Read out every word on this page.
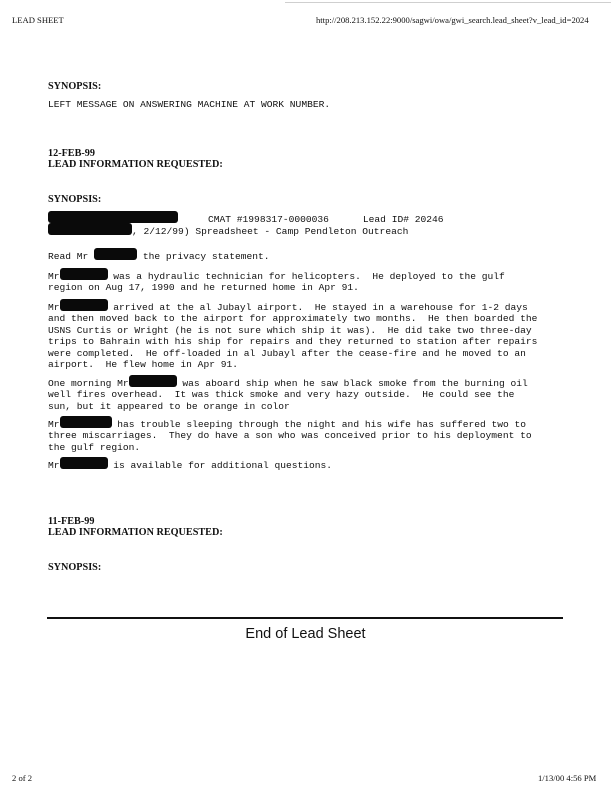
LEAD SHEET	http://208.213.152.22:9000/sagwi/owa/gwi_search.lead_sheet?v_lead_id=2024
SYNOPSIS:
LEFT MESSAGE ON ANSWERING MACHINE AT WORK NUMBER.
12-FEB-99
LEAD INFORMATION REQUESTED:
SYNOPSIS:
CMAT #1998317-0000036	Lead ID# 20246
, 2/12/99) Spreadsheet - Camp Pendleton Outreach
Read Mr	the privacy statement.
Mr	was a hydraulic technician for helicopters.  He deployed to the gulf
region on Aug 17, 1990 and he returned home in Apr 91.
Mr	arrived at the al Jubayl airport.  He stayed in a warehouse for 1-2 days
and then moved back to the airport for approximately two months.  He then boarded the
USNS Curtis or Wright (he is not sure which ship it was).  He did take two three-day
trips to Bahrain with his ship for repairs and they returned to station after repairs
were completed.  He off-loaded in al Jubayl after the cease-fire and he moved to an
airport.  He flew home in Apr 91.
One morning Mr	was aboard ship when he saw black smoke from the burning oil
well fires overhead.  It was thick smoke and very hazy outside.  He could see the
sun, but it appeared to be orange in color
Mr	has trouble sleeping through the night and his wife has suffered two to
three miscarriages.  They do have a son who was conceived prior to his deployment to
the gulf region.
Mr	is available for additional questions.
11-FEB-99
LEAD INFORMATION REQUESTED:
SYNOPSIS:
End of Lead Sheet
2 of 2	1/13/00 4:56 PM
